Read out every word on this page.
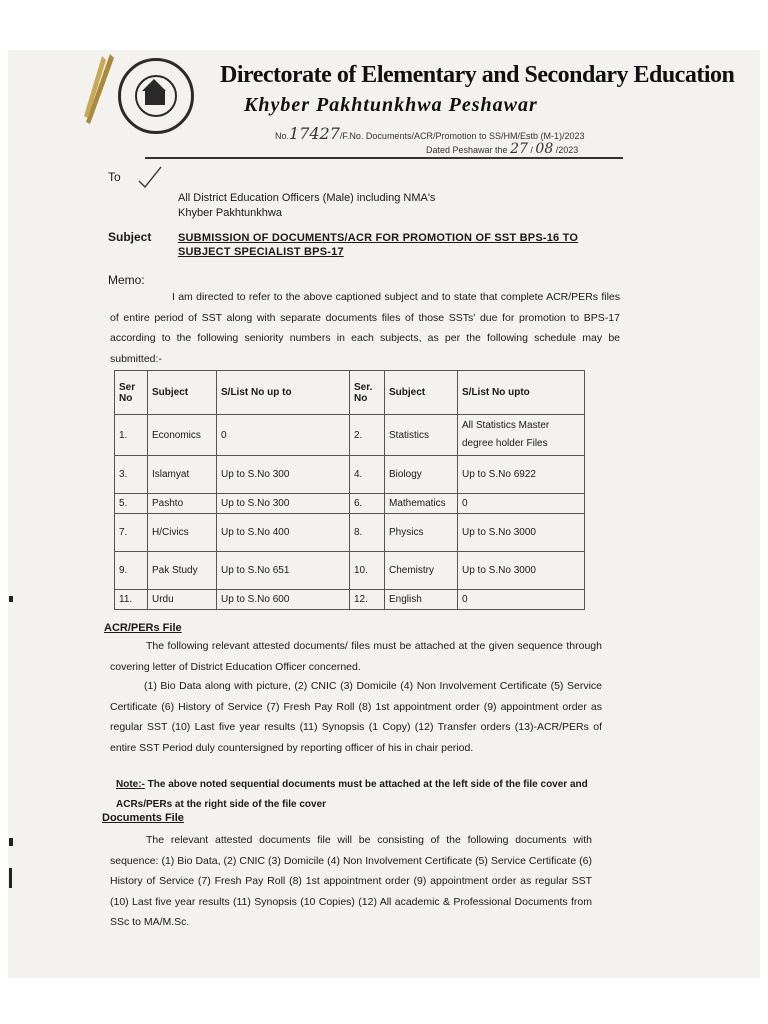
Directorate of Elementary and Secondary Education
Khyber Pakhtunkhwa Peshawar
No.17427/F.No. Documents/ACR/Promotion to SS/HM/Estb (M-1)/2023
Dated Peshawar the 27 / 08 /2023
To
All District Education Officers (Male) including NMA's
Khyber Pakhtunkhwa
Subject SUBMISSION OF DOCUMENTS/ACR FOR PROMOTION OF SST BPS-16 TO SUBJECT SPECIALIST BPS-17
Memo:
I am directed to refer to the above captioned subject and to state that complete ACR/PERs files of entire period of SST along with separate documents files of those SSTs' due for promotion to BPS-17 according to the following seniority numbers in each subjects, as per the following schedule may be submitted:-
Ser No	Subject	S/List No up to	Ser. No	Subject	S/List No upto
1.	Economics	0	2.	Statistics	All Statistics Master degree holder Files
3.	Islamyat	Up to S.No 300	4.	Biology	Up to S.No 6922
5.	Pashto	Up to S.No 300	6.	Mathematics	0
7.	H/Civics	Up to S.No 400	8.	Physics	Up to S.No 3000
9.	Pak Study	Up to S.No 651	10.	Chemistry	Up to S.No 3000
11.	Urdu	Up to S.No 600	12.	English	0
ACR/PERs File
The following relevant attested documents/ files must be attached at the given sequence through covering letter of District Education Officer concerned.
(1) Bio Data along with picture, (2) CNIC (3) Domicile (4) Non Involvement Certificate (5) Service Certificate (6) History of Service (7) Fresh Pay Roll (8) 1st appointment order (9) appointment order as regular SST (10) Last five year results (11) Synopsis (1 Copy) (12) Transfer orders (13)-ACR/PERs of entire SST Period duly countersigned by reporting officer of his in chair period.
Note:- The above noted sequential documents must be attached at the left side of the file cover and ACRs/PERs at the right side of the file cover
Documents File
The relevant attested documents file will be consisting of the following documents with sequence: (1) Bio Data, (2) CNIC (3) Domicile (4) Non Involvement Certificate (5) Service Certificate (6) History of Service (7) Fresh Pay Roll (8) 1st appointment order (9) appointment order as regular SST (10) Last five year results (11) Synopsis (10 Copies) (12) All academic & Professional Documents from SSc to MA/M.Sc.
